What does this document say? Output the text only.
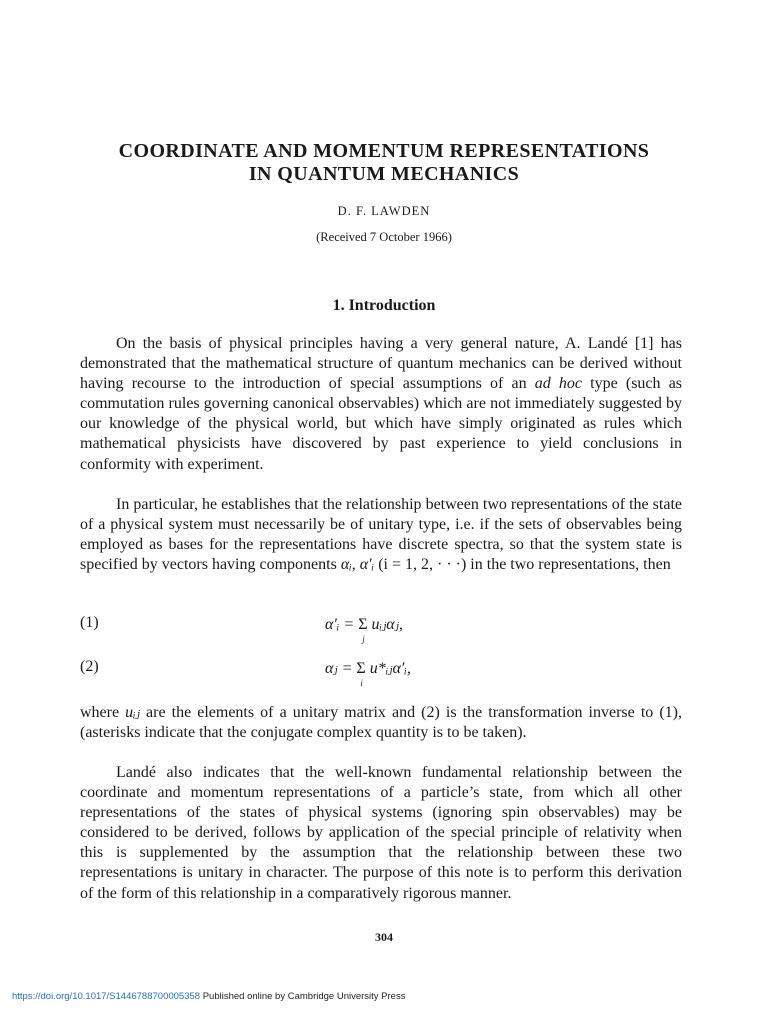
COORDINATE AND MOMENTUM REPRESENTATIONS
IN QUANTUM MECHANICS
D. F. LAWDEN
(Received 7 October 1966)
1. Introduction

On the basis of physical principles having a very general nature, A. Landé [1] has demonstrated that the mathematical structure of quantum mechanics can be derived without having recourse to the introduction of special assumptions of an ad hoc type (such as commutation rules governing canonical observables) which are not immediately suggested by our knowledge of the physical world, but which have simply originated as rules which mathematical physicists have discovered by past experience to yield conclusions in conformity with experiment.

In particular, he establishes that the relationship between two representations of the state of a physical system must necessarily be of unitary type, i.e. if the sets of observables being employed as bases for the representations have discrete spectra, so that the system state is specified by vectors having components αᵢ, α′ᵢ (i = 1, 2, · · ·) in the two representations, then

(1)	α′ᵢ = Σ
j
uᵢⱼαⱼ,
(2)	αⱼ = Σ
i
u*ᵢⱼα′ᵢ,

where uᵢⱼ are the elements of a unitary matrix and (2) is the transformation inverse to (1), (asterisks indicate that the conjugate complex quantity is to be taken).

Landé also indicates that the well-known fundamental relationship between the coordinate and momentum representations of a particle’s state, from which all other representations of the states of physical systems (ignoring spin observables) may be considered to be derived, follows by application of the special principle of relativity when this is supplemented by the assumption that the relationship between these two representations is unitary in character. The purpose of this note is to perform this derivation of the form of this relationship in a comparatively rigorous manner.

304
https://doi.org/10.1017/S1446788700005358 Published online by Cambridge University Press
